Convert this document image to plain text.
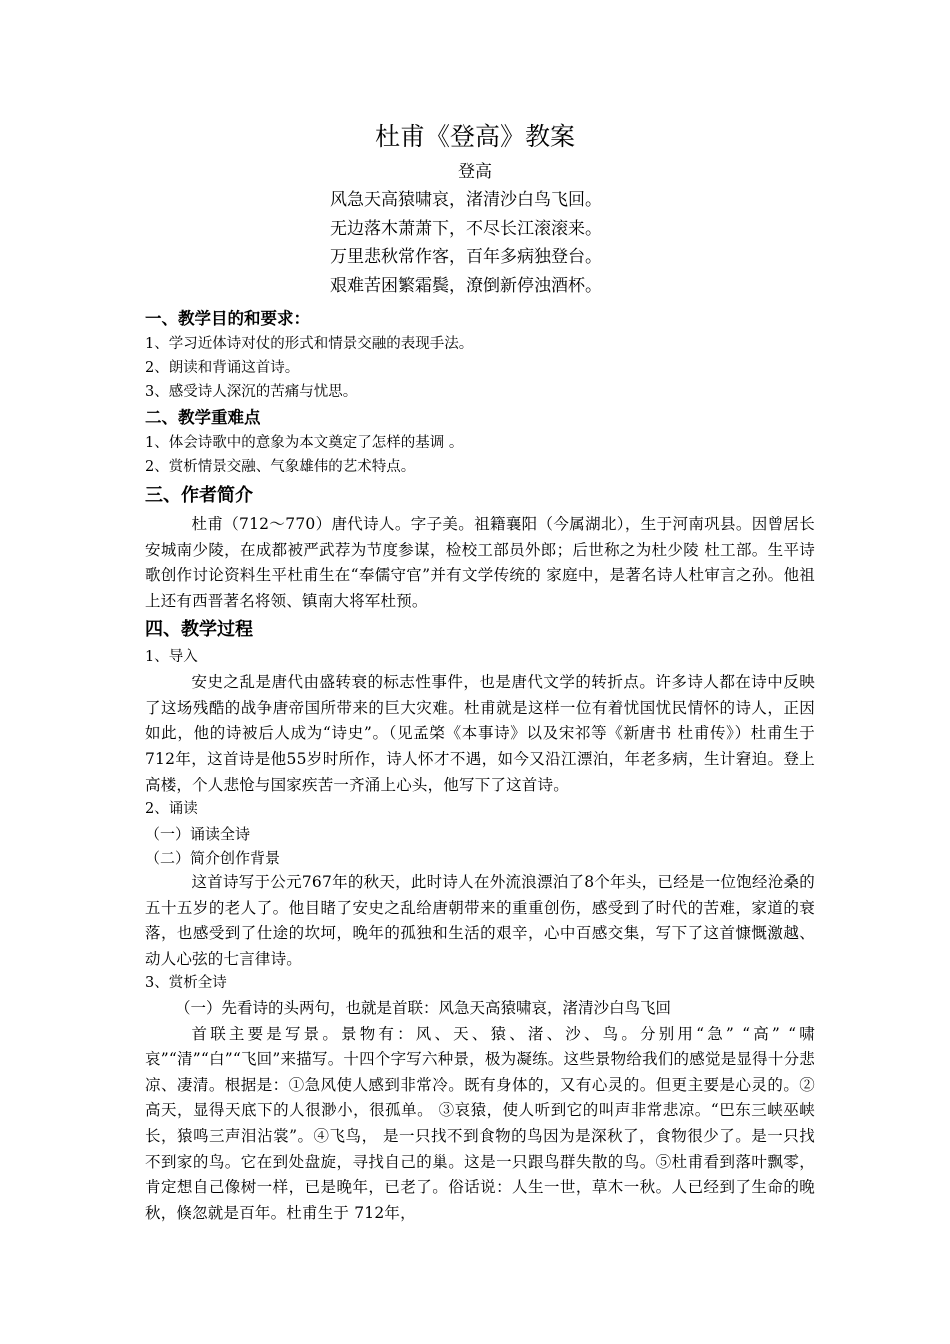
杜甫《登高》教案
登高
风急天高猿啸哀，渚清沙白鸟飞回。
无边落木萧萧下，不尽长江滚滚来。
万里悲秋常作客，百年多病独登台。
艰难苦困繁霜鬓，潦倒新停浊酒杯。
一、教学目的和要求：
1、学习近体诗对仗的形式和情景交融的表现手法。
2、朗读和背诵这首诗。
3、感受诗人深沉的苦痛与忧思。
二、教学重难点
1、体会诗歌中的意象为本文奠定了怎样的基调 。
2、赏析情景交融、气象雄伟的艺术特点。
三、作者简介
杜甫（712～770）唐代诗人。字子美。祖籍襄阳（今属湖北），生于河南巩县。因曾居长安城南少陵，在成都被严武荐为节度参谋，检校工部员外郎；后世称之为杜少陵 杜工部。生平诗歌创作讨论资料生平杜甫生在“奉儒守官”并有文学传统的 家庭中，是著名诗人杜审言之孙。他祖上还有西晋著名将领、镇南大将军杜预。
四、教学过程
1、导入
安史之乱是唐代由盛转衰的标志性事件，也是唐代文学的转折点。许多诗人都在诗中反映了这场残酷的战争唐帝国所带来的巨大灾难。杜甫就是这样一位有着忧国忧民情怀的诗人，正因如此，他的诗被后人成为“诗史”。（见孟棨《本事诗》以及宋祁等《新唐书 杜甫传》）杜甫生于712年，这首诗是他55岁时所作，诗人怀才不遇，如今又沿江漂泊，年老多病，生计窘迫。登上高楼，个人悲怆与国家疾苦一齐涌上心头，他写下了这首诗。
2、诵读
（一）诵读全诗
（二）简介创作背景
这首诗写于公元767年的秋天，此时诗人在外流浪漂泊了8个年头，已经是一位饱经沧桑的五十五岁的老人了。他目睹了安史之乱给唐朝带来的重重创伤，感受到了时代的苦难，家道的衰落，也感受到了仕途的坎坷，晚年的孤独和生活的艰辛，心中百感交集，写下了这首慷慨激越、动人心弦的七言律诗。
3、赏析全诗
（一）先看诗的头两句，也就是首联：风急天高猿啸哀，渚清沙白鸟飞回
首联主要是写景。景物有：风、天、猿、渚、沙、鸟。分别用“急” “高” “啸哀”“清”“白”“飞回”来描写。十四个字写六种景，极为凝练。这些景物给我们的感觉是显得十分悲凉、凄清。根据是：①急风使人感到非常冷。既有身体的，又有心灵的。但更主要是心灵的。②高天，显得天底下的人很渺小，很孤单。 ③哀猿，使人听到它的叫声非常悲凉。“巴东三峡巫峡长，猿鸣三声泪沾裳”。④飞鸟， 是一只找不到食物的鸟因为是深秋了，食物很少了。是一只找不到家的鸟。它在到处盘旋，寻找自己的巢。这是一只跟鸟群失散的鸟。⑤杜甫看到落叶飘零，肯定想自己像树一样，已是晚年，已老了。俗话说：人生一世，草木一秋。人已经到了生命的晚秋，倏忽就是百年。杜甫生于 712年，
